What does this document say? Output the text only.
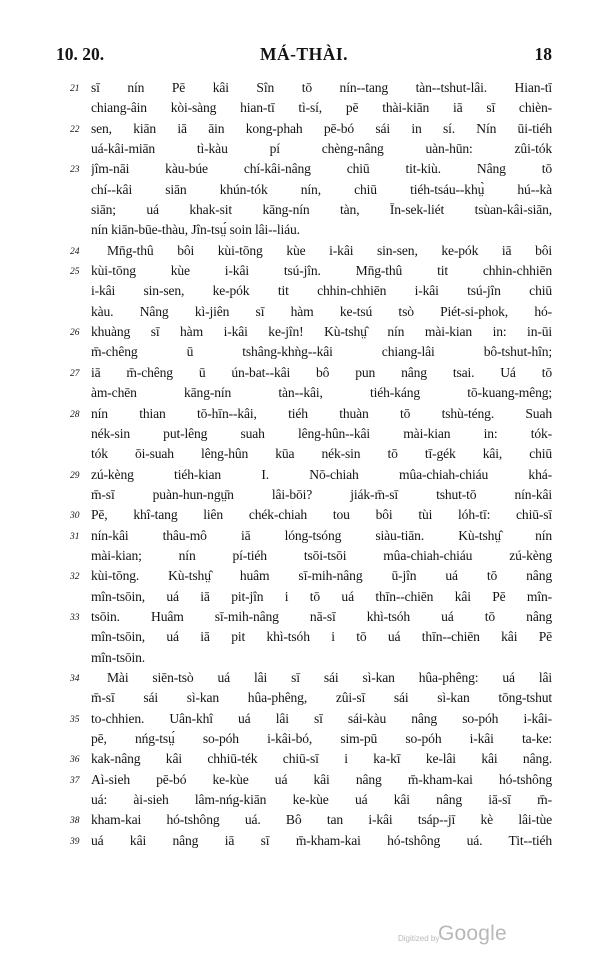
10. 20.	MÁ-THÀI.	18
21 sī nín Pē kâi Sîn tō nín--tang tàn--tshut-lâi. Hian-tī
chiang-âin kòi-sàng hian-tī tì-sí, pē thài-kiān iā sī chièn-
22 sen, kiān iā āin kong-phah pē-bó sái in sí. Nín ūi-tiéh
uá-kâi-miān tì-kàu pí chèng-nâng uàn-hūn: zûi-tók
23 jîm-nāi kàu-búe chí-kâi-nâng chiū tit-kiù. Nâng tō
chí--kâi siān khún-tók nín, chiū tiéh-tsáu--khṳ̀ hú--kà
siān; uá khak-sit kāng-nín tàn, Īn-sek-liét tsùan-kâi-siān,
nín kiān-būe-thàu, Jîn-tsṳ́ soin lâi--liáu.
24	Mn̄g-thû bôi kùi-tōng kùe i-kâi sin-sen, ke-pók iā bôi
25 kùi-tōng kùe i-kâi tsú-jîn. Mn̄g-thû tit chhin-chhiēn
i-kâi sin-sen, ke-pók tit chhin-chhiēn i-kâi tsú-jîn chiū
kàu. Nâng kì-jiên sī hàm ke-tsú tsò Piét-si-phok, hó-
26 khuàng sī hàm i-kâi ke-jîn! Kù-tshṳ̂ nín mài-kian in: in-ūi
m̄-chêng ū tshâng-khǹg--kâi chiang-lâi bô-tshut-hîn;
27 iā m̄-chêng ū ún-bat--kâi bô pun nâng tsai. Uá tō
àm-chēn kāng-nín tàn--kâi, tiéh-káng tō-kuang-mêng;
28 nín thian tō-hīn--kâi, tiéh thuàn tō tshù-téng. Suah
nék-sin put-lêng suah lêng-hûn--kâi mài-kian in: tók-
tók ōi-suah lêng-hûn kūa nék-sin tō tī-gék kâi, chiū
29 zú-kèng tiéh-kian I. Nō-chiah mûa-chiah-chiáu khá-
m̄-sī puàn-hun-ngṳ̄n lâi-bōi? jiák-m̄-sī tshut-tō nín-kâi
30 Pē, khî-tang liên chék-chiah tou bôi tùi lóh-tī: chiū-sī
31 nín-kâi thâu-mô iā lóng-tsóng siàu-tiān. Kù-tshṳ̂ nín
mài-kian; nín pí-tiéh tsōi-tsōi mûa-chiah-chiáu zú-kèng
32 kùi-tōng. Kù-tshṳ̂ huâm sī-mih-nâng ū-jîn uá tō nâng
mîn-tsōin, uá iā pit-jîn i tō uá thīn--chiēn kâi Pē mîn-
33 tsōin. Huâm sī-mih-nâng nā-sī khì-tsóh uá tō nâng
mîn-tsōin, uá iā pit khì-tsóh i tō uá thīn--chiēn kâi Pē
mîn-tsōin.
34	Mài siēn-tsò uá lâi sī sái sì-kan hûa-phêng: uá lâi
m̄-sī sái sì-kan hûa-phêng, zûi-sī sái sì-kan tōng-tshut
35 to-chhien. Uân-khî uá lâi sī sái-kàu nâng so-póh i-kâi-
pē, nńg-tsṳ́ so-póh i-kâi-bó, sim-pū so-póh i-kâi ta-ke:
36 kak-nâng kâi chhiū-ték chiū-sī i ka-kī ke-lâi kâi nâng.
37 Aì-sieh pē-bó ke-kùe uá kâi nâng m̄-kham-kai hó-tshông
uá: ài-sieh lâm-nńg-kiān ke-kùe uá kâi nâng iā-sī m̄-
38 kham-kai hó-tshông uá. Bô tan i-kâi tsáp--jī kè lâi-tùe
39 uá kâi nâng iā sī m̄-kham-kai hó-tshông uá. Tit--tiéh
Digitized by
Google
